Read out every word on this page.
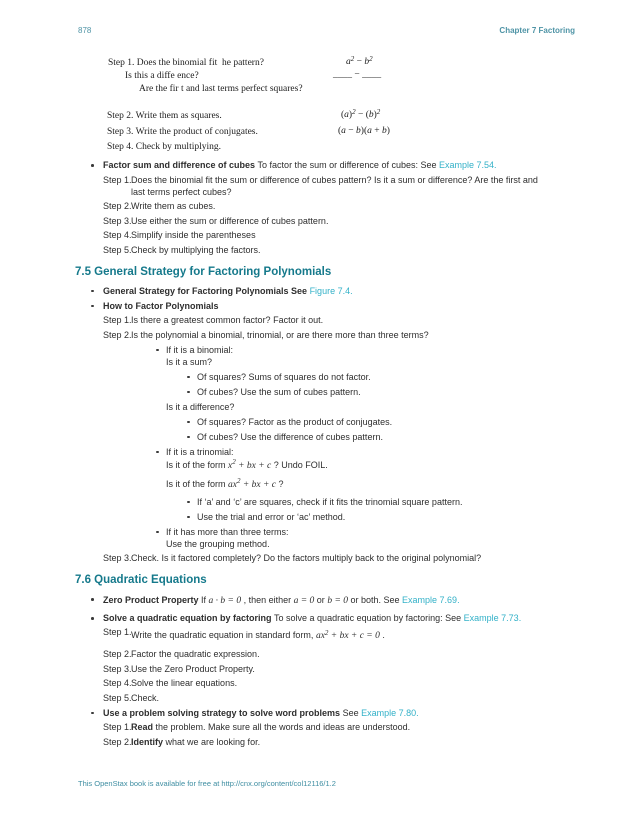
878	Chapter 7 Factoring
Step 1. Does the binomial fit  he pattern?
Is this a diffe ence?
Are the fir t and last terms perfect squares?
Step 2. Write them as squares.
Step 3. Write the product of conjugates.
Step 4. Check by multiplying.
$a^2 - b^2$
____ − ____
$(a)^2 - (b)^2$
(a − b)(a + b)
Factor sum and difference of cubes To factor the sum or difference of cubes: See Example 7.54.
Step 1. Does the binomial fit the sum or difference of cubes pattern? Is it a sum or difference? Are the first and
last terms perfect cubes?
Step 2. Write them as cubes.
Step 3. Use either the sum or difference of cubes pattern.
Step 4. Simplify inside the parentheses
Step 5. Check by multiplying the factors.
7.5 General Strategy for Factoring Polynomials
General Strategy for Factoring Polynomials See Figure 7.4.
How to Factor Polynomials
Step 1. Is there a greatest common factor? Factor it out.
Step 2. Is the polynomial a binomial, trinomial, or are there more than three terms?
If it is a binomial:
Is it a sum?
Of squares? Sums of squares do not factor.
Of cubes? Use the sum of cubes pattern.
Is it a difference?
Of squares? Factor as the product of conjugates.
Of cubes? Use the difference of cubes pattern.
If it is a trinomial:
Is it of the form $x^2$ + bx + c ? Undo FOIL.
Is it of the form $ax^2$ + bx + c ?
If ‘a’ and ‘c’ are squares, check if it fits the trinomial square pattern.
Use the trial and error or ‘ac’ method.
If it has more than three terms:
Use the grouping method.
Step 3. Check. Is it factored completely? Do the factors multiply back to the original polynomial?
7.6 Quadratic Equations
Zero Product Property If a · b = 0 , then either a = 0 or b = 0 or both. See Example 7.69.
Solve a quadratic equation by factoring To solve a quadratic equation by factoring: See Example 7.73.
Step 1. Write the quadratic equation in standard form, $ax^2$ + bx + c = 0 .
Step 2. Factor the quadratic expression.
Step 3. Use the Zero Product Property.
Step 4. Solve the linear equations.
Step 5. Check.
Use a problem solving strategy to solve word problems See Example 7.80.
Step 1. Read the problem. Make sure all the words and ideas are understood.
Step 2. Identify what we are looking for.
This OpenStax book is available for free at http://cnx.org/content/col12116/1.2
